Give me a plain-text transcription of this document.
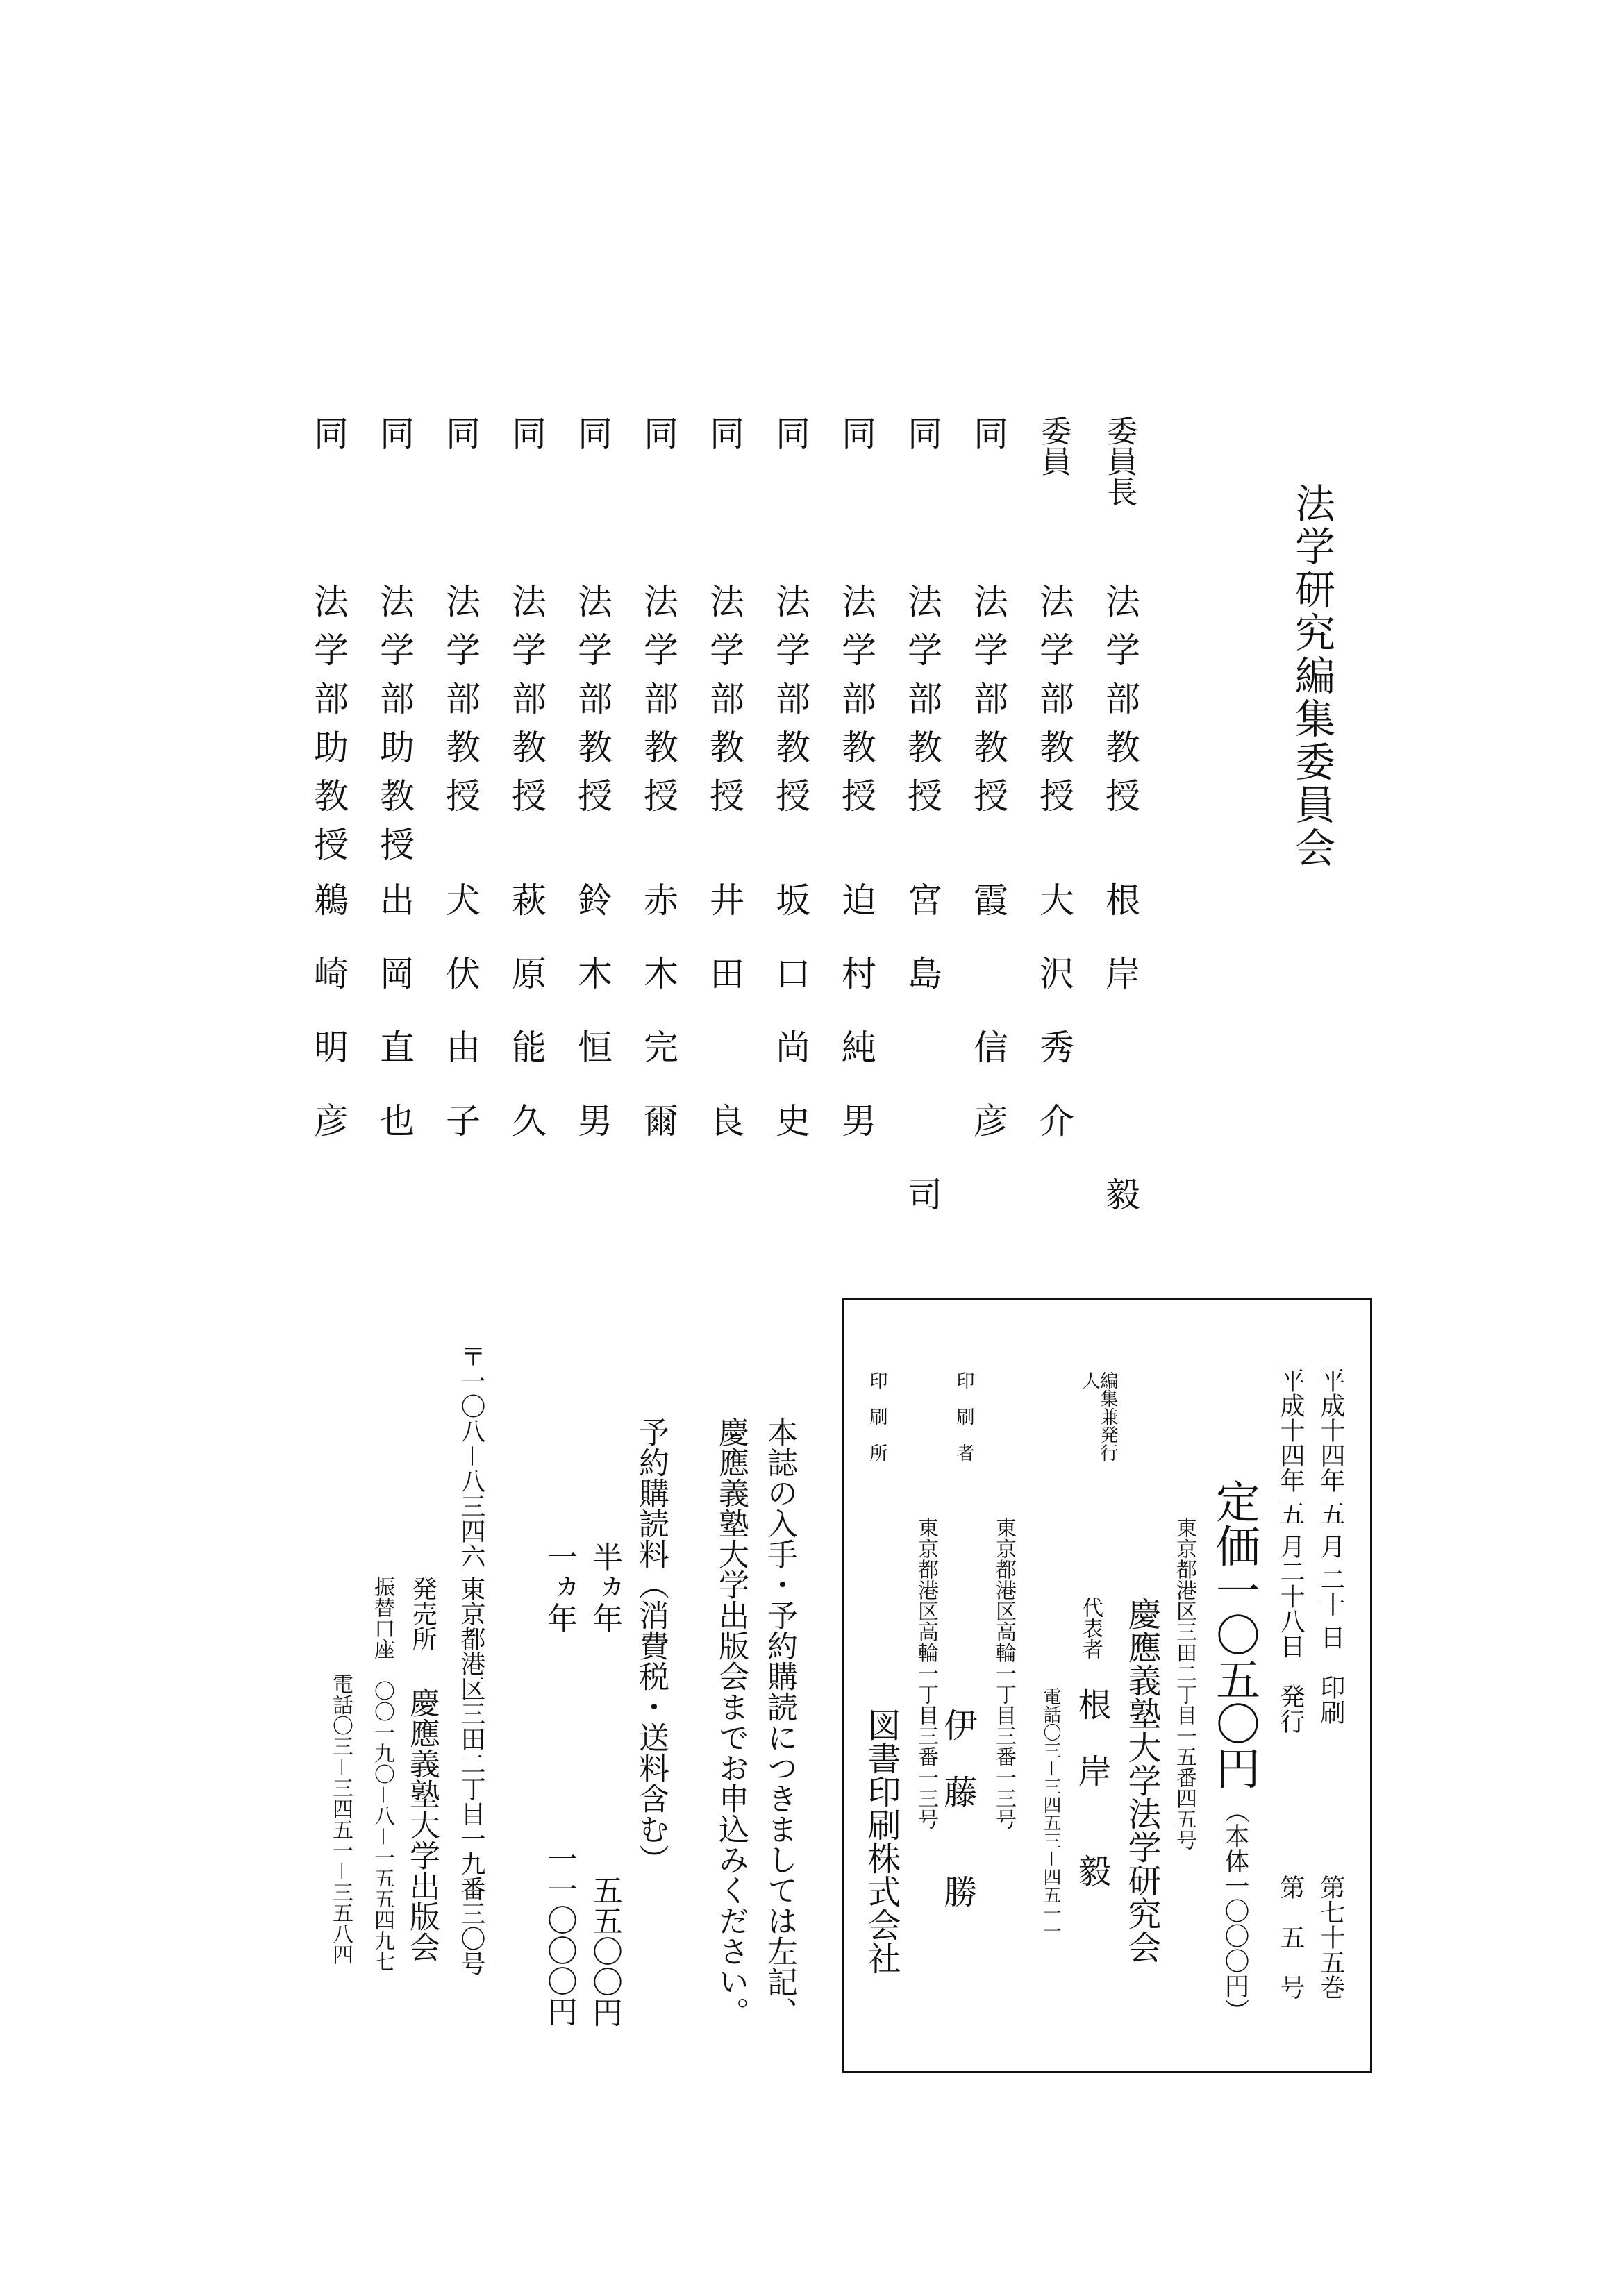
法学研究編集委員会
委員長
法学部教授
根岸　　毅
委員
法学部教授
大沢秀介
同
法学部教授
霞　信彦
同
法学部教授
宮島　　司
同
法学部教授
迫村純男
同
法学部教授
坂口尚史
同
法学部教授
井田　良
同
法学部教授
赤木完爾
同
法学部教授
鈴木恒男
同
法学部教授
萩原能久
同
法学部教授
犬伏由子
同
法学部助教授
出岡直也
同
法学部助教授
鵜崎明彦
平成十四年 五 月 二十 日　印刷
第七十五巻
平成十四年 五 月二十八日　発行
第　五　号
定価一〇五〇円
（本体一〇〇〇円）
東京都港区三田二丁目一五番四五号
編集兼発行人
代表者 慶應義塾大学法学研究会
根　岸　　毅
電話〇三－三四五三－四五一一
印　刷　者
東京都港区高輪一丁目三番一三号
伊　藤　　勝
印　刷　所
東京都港区高輪一丁目三番一三号
図書印刷株式会社
本誌の入手・予約購読につきましては左記、
慶應義塾大学出版会までお申込みください。
予約購読料（消費税・送料含む）
半ヵ年
五五〇〇円
一ヵ年
一一〇〇〇円
〒一〇八－八三四六
東京都港区三田二丁目一九番三〇号
発売所
慶應義塾大学出版会
振替口座　〇〇一九〇－八－一五五四九七
電話〇三－三四五一－三五八四
